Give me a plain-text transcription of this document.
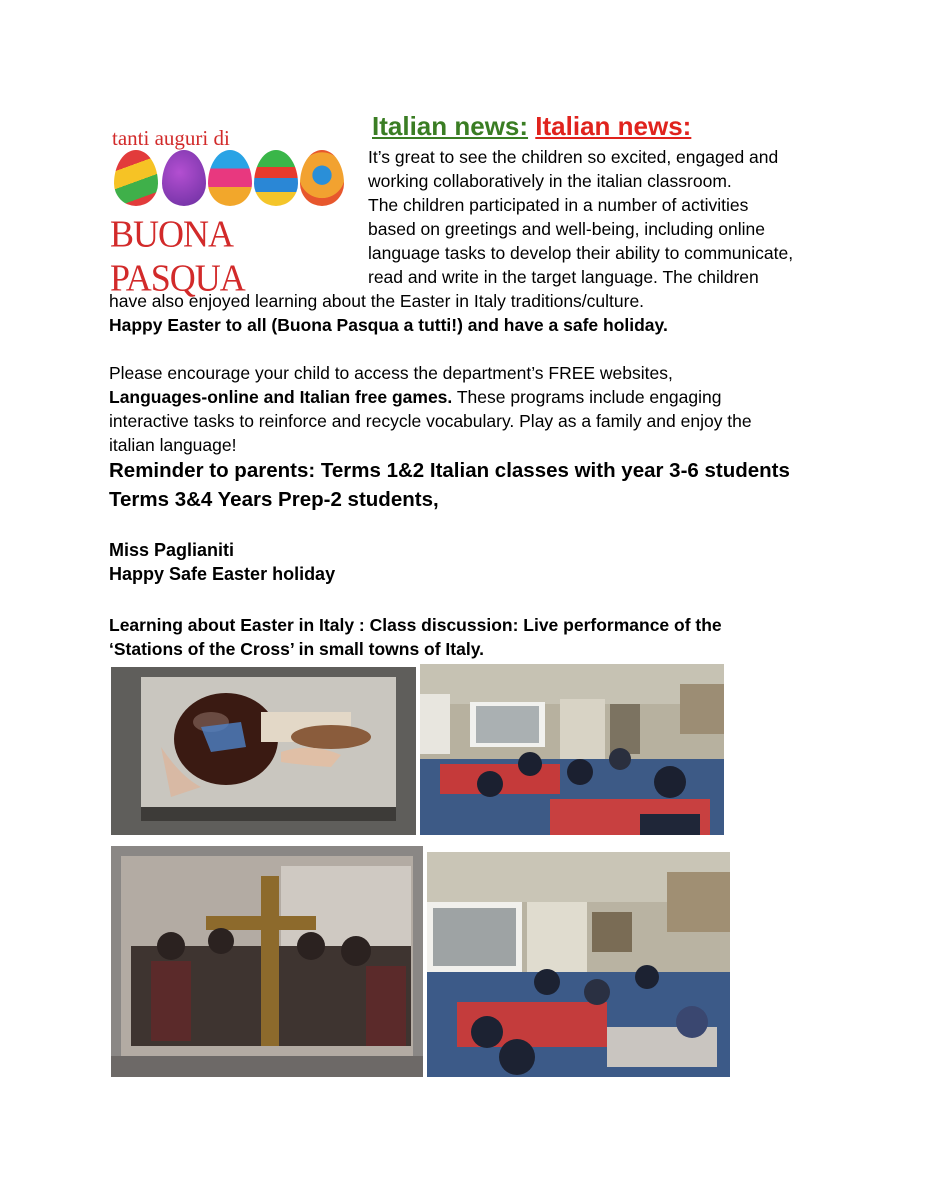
tanti auguri di
BUONA PASQUA
Italian news: Italian news:
It’s great to see the children so excited, engaged and
working collaboratively in the italian classroom.
The children participated in a number of activities
based on greetings and well-being, including online
language tasks to develop their ability to communicate,
read and write in the target language. The children
have also enjoyed learning about the Easter in Italy traditions/culture.
Happy Easter to all (Buona Pasqua a tutti!) and have a safe holiday.
Please encourage your child to access the department’s FREE websites,
Languages-online and Italian free games. These programs include engaging
interactive tasks to reinforce and recycle vocabulary. Play as a family and enjoy the
italian language!
Reminder to parents: Terms 1&2 Italian classes with year 3-6 students
Terms 3&4 Years Prep-2 students,
Miss Paglianiti
Happy Safe Easter holiday
Learning about Easter in Italy : Class discussion: Live performance of the
‘Stations of the Cross’ in small towns of Italy.
